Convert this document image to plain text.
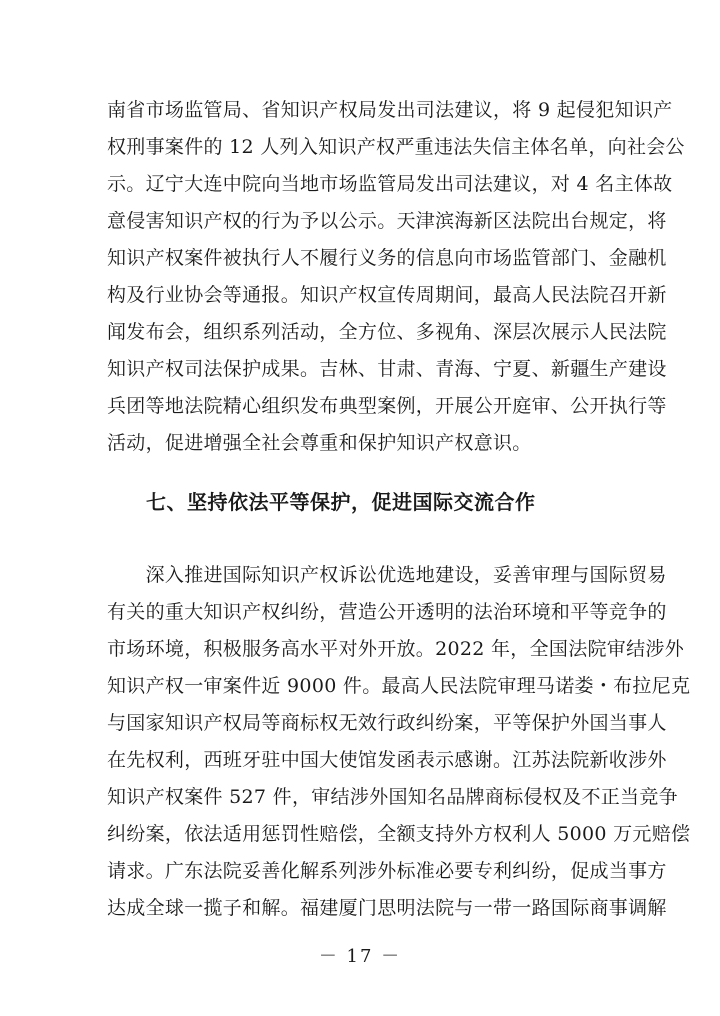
南省市场监管局、省知识产权局发出司法建议，将 9 起侵犯知识产
权刑事案件的 12 人列入知识产权严重违法失信主体名单，向社会公
示。辽宁大连中院向当地市场监管局发出司法建议，对 4 名主体故
意侵害知识产权的行为予以公示。天津滨海新区法院出台规定，将
知识产权案件被执行人不履行义务的信息向市场监管部门、金融机
构及行业协会等通报。知识产权宣传周期间，最高人民法院召开新
闻发布会，组织系列活动，全方位、多视角、深层次展示人民法院
知识产权司法保护成果。吉林、甘肃、青海、宁夏、新疆生产建设
兵团等地法院精心组织发布典型案例，开展公开庭审、公开执行等
活动，促进增强全社会尊重和保护知识产权意识。
七、坚持依法平等保护，促进国际交流合作
　　深入推进国际知识产权诉讼优选地建设，妥善审理与国际贸易
有关的重大知识产权纠纷，营造公开透明的法治环境和平等竞争的
市场环境，积极服务高水平对外开放。2022 年，全国法院审结涉外
知识产权一审案件近 9000 件。最高人民法院审理马诺娄・布拉尼克
与国家知识产权局等商标权无效行政纠纷案，平等保护外国当事人
在先权利，西班牙驻中国大使馆发函表示感谢。江苏法院新收涉外
知识产权案件 527 件，审结涉外国知名品牌商标侵权及不正当竞争
纠纷案，依法适用惩罚性赔偿，全额支持外方权利人 5000 万元赔偿
请求。广东法院妥善化解系列涉外标准必要专利纠纷，促成当事方
达成全球一揽子和解。福建厦门思明法院与一带一路国际商事调解
－ 17 －
